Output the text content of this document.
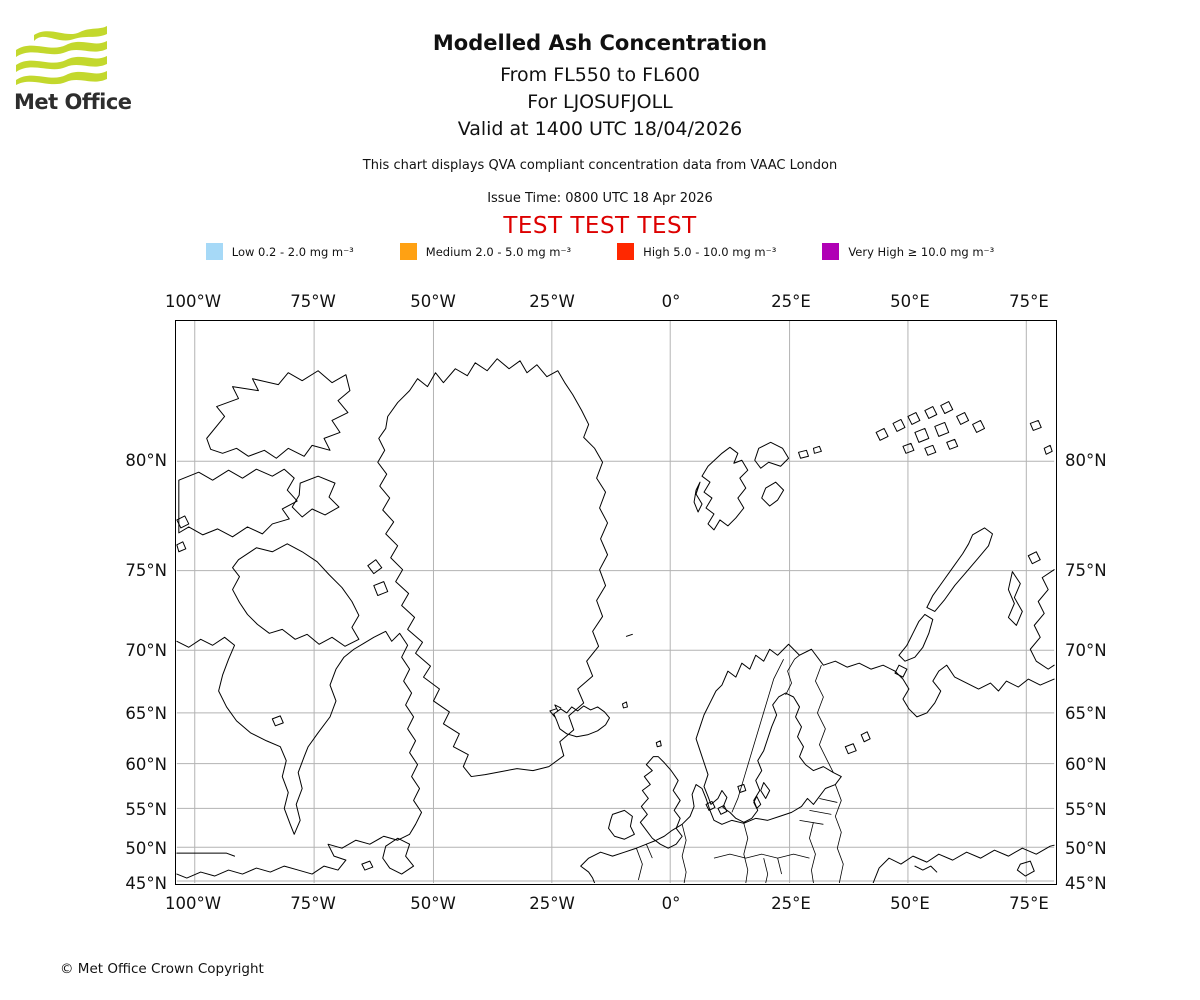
Met Office
Modelled Ash Concentration
From FL550 to FL600
For LJOSUFJOLL
Valid at 1400 UTC 18/04/2026
This chart displays QVA compliant concentration data from VAAC London
Issue Time: 0800 UTC 18 Apr 2026
TEST TEST TEST
Low 0.2 - 2.0 mg m⁻³	Medium 2.0 - 5.0 mg m⁻³	High 5.0 - 10.0 mg m⁻³	Very High ≥ 10.0 mg m⁻³
100°W	75°W	50°W	25°W	0°	25°E	50°E	75°E
100°W	75°W	50°W	25°W	0°	25°E	50°E	75°E
80°N
75°N
70°N
65°N
60°N
55°N
50°N
45°N
80°N
75°N
70°N
65°N
60°N
55°N
50°N
45°N
© Met Office Crown Copyright
